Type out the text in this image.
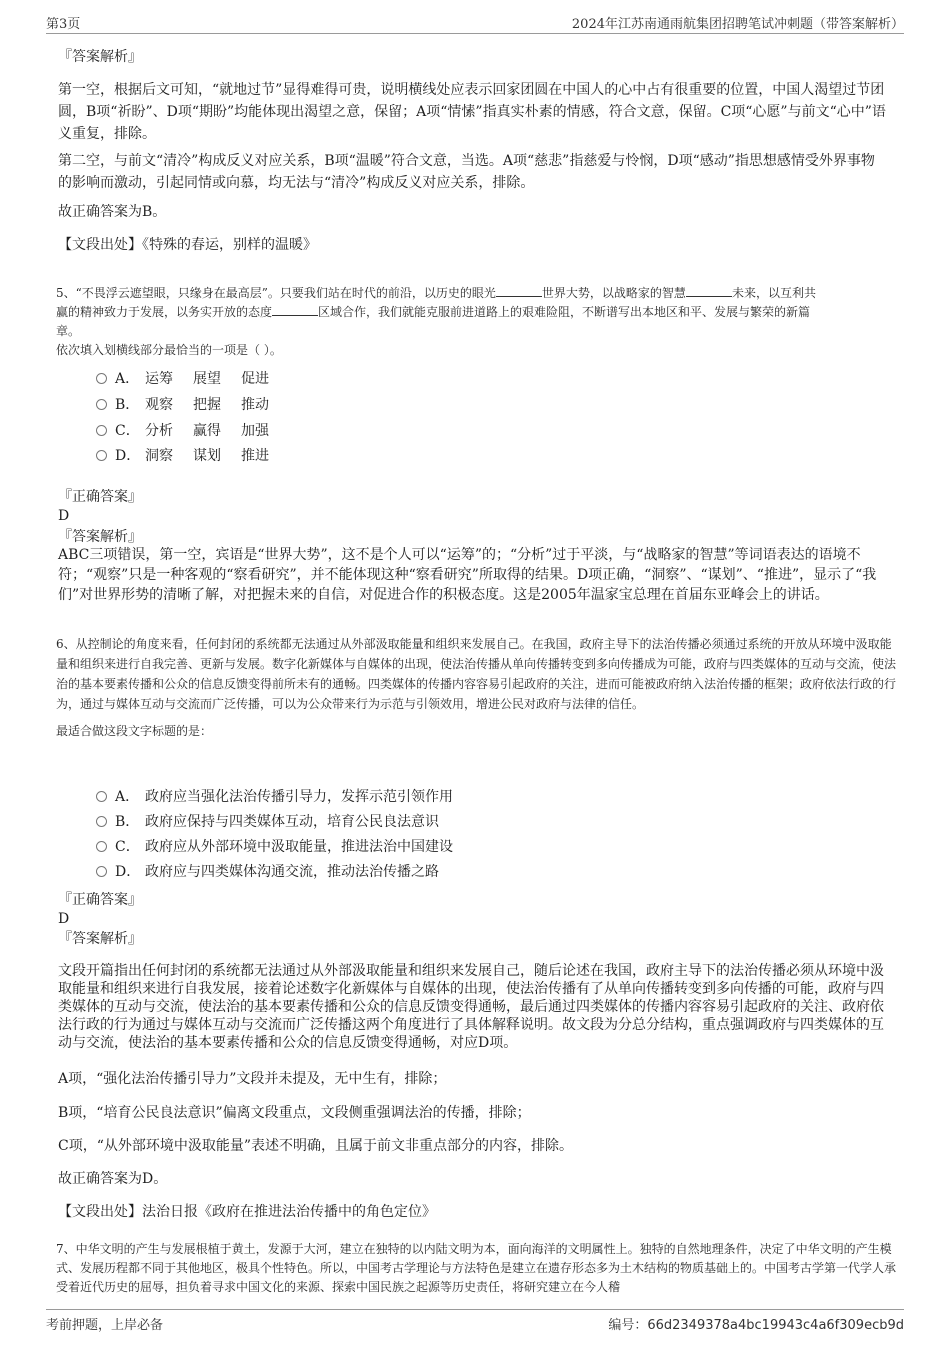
第3页	2024年江苏南通雨航集团招聘笔试冲刺题（带答案解析）
『答案解析』
第一空，根据后文可知，“就地过节”显得难得可贵，说明横线处应表示回家团圆在中国人的心中占有很重要的位置，中国人渴望过节团圆，B项“祈盼”、D项“期盼”均能体现出渴望之意，保留；A项“情愫”指真实朴素的情感，符合文意，保留。C项“心愿”与前文“心中”语义重复，排除。
第二空，与前文“清冷”构成反义对应关系，B项“温暖”符合文意，当选。A项“慈悲”指慈爱与怜悯，D项“感动”指思想感情受外界事物的影响而激动，引起同情或向慕，均无法与“清冷”构成反义对应关系，排除。
故正确答案为B。
【文段出处】《特殊的春运，别样的温暖》
5、“不畏浮云遮望眼，只缘身在最高层”。只要我们站在时代的前沿，以历史的眼光	世界大势，以战略家的智慧	未来，以互利共
赢的精神致力于发展，以务实开放的态度	区域合作，我们就能克服前进道路上的艰难险阻，不断谱写出本地区和平、发展与繁荣的新篇
章。
依次填入划横线部分最恰当的一项是（ ）。
A． 运筹 展望 促进
B． 观察 把握 推动
C． 分析 赢得 加强
D． 洞察 谋划 推进
『正确答案』
D
『答案解析』
ABC三项错误，第一空，宾语是“世界大势”，这不是个人可以“运筹”的；“分析”过于平淡，与“战略家的智慧”等词语表达的语境不符；“观察”只是一种客观的“察看研究”，并不能体现这种“察看研究”所取得的结果。D项正确，“洞察”、“谋划”、“推进”，显示了“我们”对世界形势的清晰了解，对把握未来的自信，对促进合作的积极态度。这是2005年温家宝总理在首届东亚峰会上的讲话。
6、从控制论的角度来看，任何封闭的系统都无法通过从外部汲取能量和组织来发展自己。在我国，政府主导下的法治传播必须通过系统的开放从环境中汲取能量和组织来进行自我完善、更新与发展。数字化新媒体与自媒体的出现，使法治传播从单向传播转变到多向传播成为可能，政府与四类媒体的互动与交流，使法治的基本要素传播和公众的信息反馈变得前所未有的通畅。四类媒体的传播内容容易引起政府的关注，进而可能被政府纳入法治传播的框架；政府依法行政的行为，通过与媒体互动与交流而广泛传播，可以为公众带来行为示范与引领效用，增进公民对政府与法律的信任。
最适合做这段文字标题的是：
A． 政府应当强化法治传播引导力，发挥示范引领作用
B． 政府应保持与四类媒体互动，培育公民良法意识
C． 政府应从外部环境中汲取能量，推进法治中国建设
D． 政府应与四类媒体沟通交流，推动法治传播之路
『正确答案』
D
『答案解析』
文段开篇指出任何封闭的系统都无法通过从外部汲取能量和组织来发展自己，随后论述在我国，政府主导下的法治传播必须从环境中汲取能量和组织来进行自我发展，接着论述数字化新媒体与自媒体的出现，使法治传播有了从单向传播转变到多向传播的可能，政府与四类媒体的互动与交流，使法治的基本要素传播和公众的信息反馈变得通畅，最后通过四类媒体的传播内容容易引起政府的关注、政府依法行政的行为通过与媒体互动与交流而广泛传播这两个角度进行了具体解释说明。故文段为分总分结构，重点强调政府与四类媒体的互动与交流，使法治的基本要素传播和公众的信息反馈变得通畅，对应D项。
A项，“强化法治传播引导力”文段并未提及，无中生有，排除；
B项，“培育公民良法意识”偏离文段重点，文段侧重强调法治的传播，排除；
C项，“从外部环境中汲取能量”表述不明确，且属于前文非重点部分的内容，排除。
故正确答案为D。
【文段出处】法治日报《政府在推进法治传播中的角色定位》
7、中华文明的产生与发展根植于黄土，发源于大河，建立在独特的以内陆文明为本，面向海洋的文明属性上。独特的自然地理条件，决定了中华文明的产生模式、发展历程都不同于其他地区，极具个性特色。所以，中国考古学理论与方法特色是建立在遗存形态多为土木结构的物质基础上的。中国考古学第一代学人承受着近代历史的屈辱，担负着寻求中国文化的来源、探索中国民族之起源等历史责任，将研究建立在今人稽
考前押题，上岸必备	编号：66d2349378a4bc19943c4a6f309ecb9d
